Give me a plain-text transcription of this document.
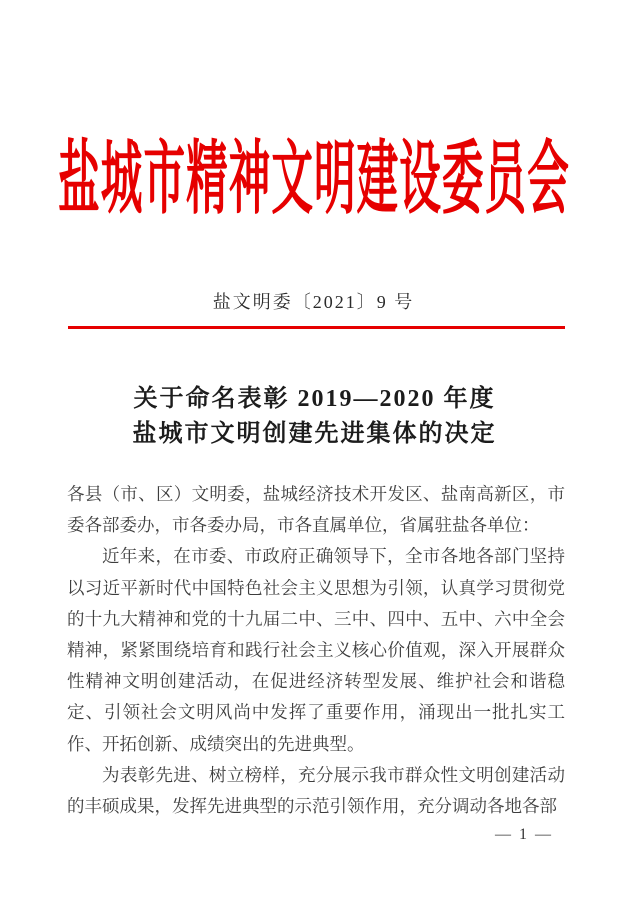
盐城市精神文明建设委员会
盐文明委〔2021〕9 号
关于命名表彰 2019—2020 年度
盐城市文明创建先进集体的决定

各县（市、区）文明委，盐城经济技术开发区、盐南高新区，市委各部委办，市各委办局，市各直属单位，省属驻盐各单位：

近年来，在市委、市政府正确领导下，全市各地各部门坚持以习近平新时代中国特色社会主义思想为引领，认真学习贯彻党的十九大精神和党的十九届二中、三中、四中、五中、六中全会精神，紧紧围绕培育和践行社会主义核心价值观，深入开展群众性精神文明创建活动，在促进经济转型发展、维护社会和谐稳定、引领社会文明风尚中发挥了重要作用，涌现出一批扎实工作、开拓创新、成绩突出的先进典型。

为表彰先进、树立榜样，充分展示我市群众性文明创建活动的丰硕成果，发挥先进典型的示范引领作用，充分调动各地各部

— 1 —
